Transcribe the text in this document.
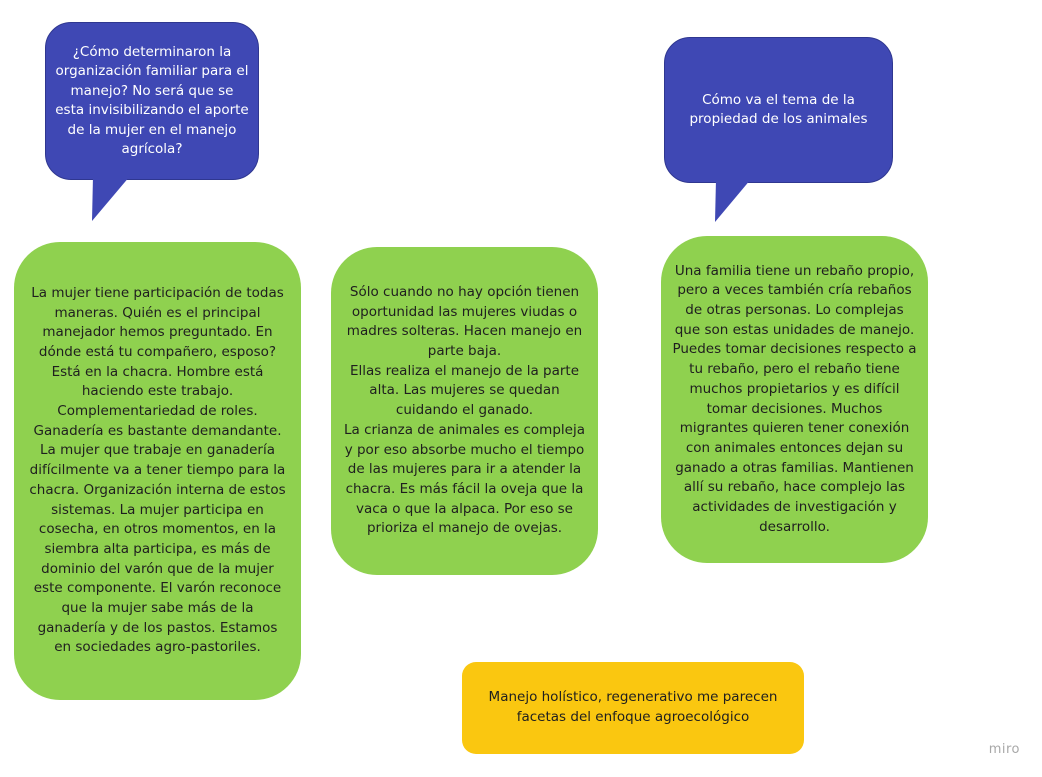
¿Cómo determinaron la organización familiar para el manejo? No será que se esta invisibilizando el aporte de la mujer en el manejo agrícola?
Cómo va el tema de la propiedad de los animales
La mujer tiene participación de todas maneras. Quién es el principal manejador hemos preguntado. En dónde está tu compañero, esposo? Está en la chacra. Hombre está haciendo este trabajo. Complementariedad de roles. Ganadería es bastante demandante. La mujer que trabaje en ganadería difícilmente va a tener tiempo para la chacra. Organización interna de estos sistemas. La mujer participa en cosecha, en otros momentos, en la siembra alta participa, es más de dominio del varón que de la mujer este componente. El varón reconoce que la mujer sabe más de la ganadería y de los pastos. Estamos en sociedades agro-pastoriles.
Sólo cuando no hay opción tienen oportunidad las mujeres viudas o madres solteras. Hacen manejo en parte baja.
Ellas realiza el manejo de la parte alta. Las mujeres se quedan cuidando el ganado.
La crianza de animales es compleja y por eso absorbe mucho el tiempo de las mujeres para ir a atender la chacra. Es más fácil la oveja que la vaca o que la alpaca. Por eso se prioriza el manejo de ovejas.
Una familia tiene un rebaño propio, pero a veces también cría rebaños de otras personas. Lo complejas que son estas unidades de manejo. Puedes tomar decisiones respecto a tu rebaño, pero el rebaño tiene muchos propietarios y es difícil tomar decisiones. Muchos migrantes quieren tener conexión con animales entonces dejan su ganado a otras familias. Mantienen allí su rebaño, hace complejo las actividades de investigación y desarrollo.
Manejo holístico, regenerativo me parecen facetas del enfoque agroecológico
miro
